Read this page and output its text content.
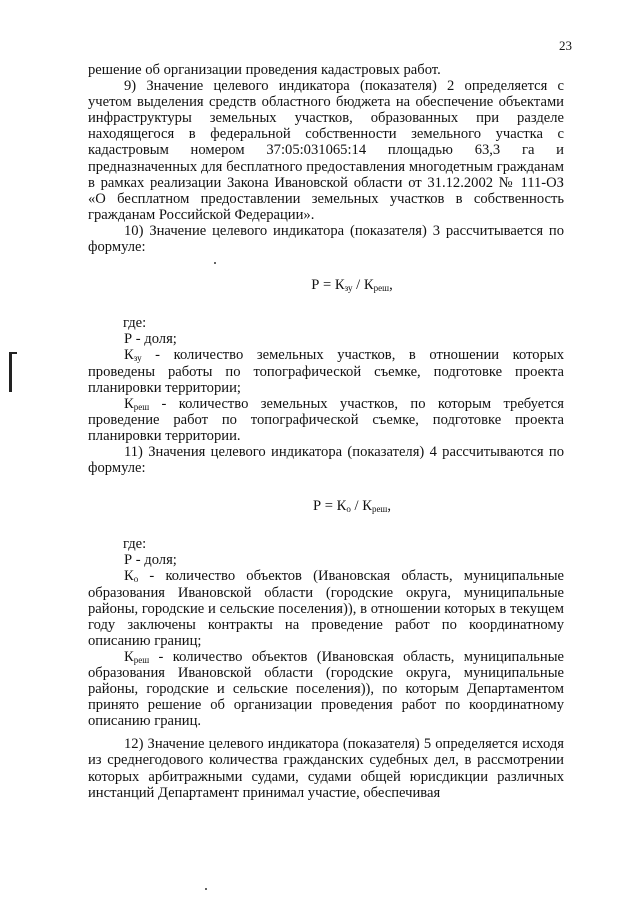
23

решение об организации проведения кадастровых работ.

9) Значение целевого индикатора (показателя) 2 определяется с учетом выделения средств областного бюджета на обеспечение объектами инфраструктуры земельных участков, образованных при разделе находящегося в федеральной собственности земельного участка с кадастровым номером 37:05:031065:14 площадью 63,3 га и предназначенных для бесплатного предоставления многодетным гражданам в рамках реализации Закона Ивановской области от 31.12.2002 № 111-ОЗ «О бесплатном предоставлении земельных участков в собственность гражданам Российской Федерации».

10) Значение целевого индикатора (показателя) 3 рассчитывается по формуле:

$Р = К_{зу} / К_{реш}$,

где:

Р - доля;

$К_{зу}$ - количество земельных участков, в отношении которых проведены работы по топографической съемке, подготовке проекта планировки территории;

$К_{реш}$ - количество земельных участков, по которым требуется проведение работ по топографической съемке, подготовке проекта планировки территории.

11) Значения целевого индикатора (показателя) 4 рассчитываются по формуле:

$Р = К_о / К_{реш}$,

где:

Р - доля;

$К_о$ - количество объектов (Ивановская область, муниципальные образования Ивановской области (городские округа, муниципальные районы, городские и сельские поселения)), в отношении которых в текущем году заключены контракты на проведение работ по координатному описанию границ;

$К_{реш}$ - количество объектов (Ивановская область, муниципальные образования Ивановской области (городские округа, муниципальные районы, городские и сельские поселения)), по которым Департаментом принято решение об организации проведения работ по координатному описанию границ.

12) Значение целевого индикатора (показателя) 5 определяется исходя из среднегодового количества гражданских судебных дел, в рассмотрении которых арбитражными судами, судами общей юрисдикции различных инстанций Департамент принимал участие, обеспечивая
